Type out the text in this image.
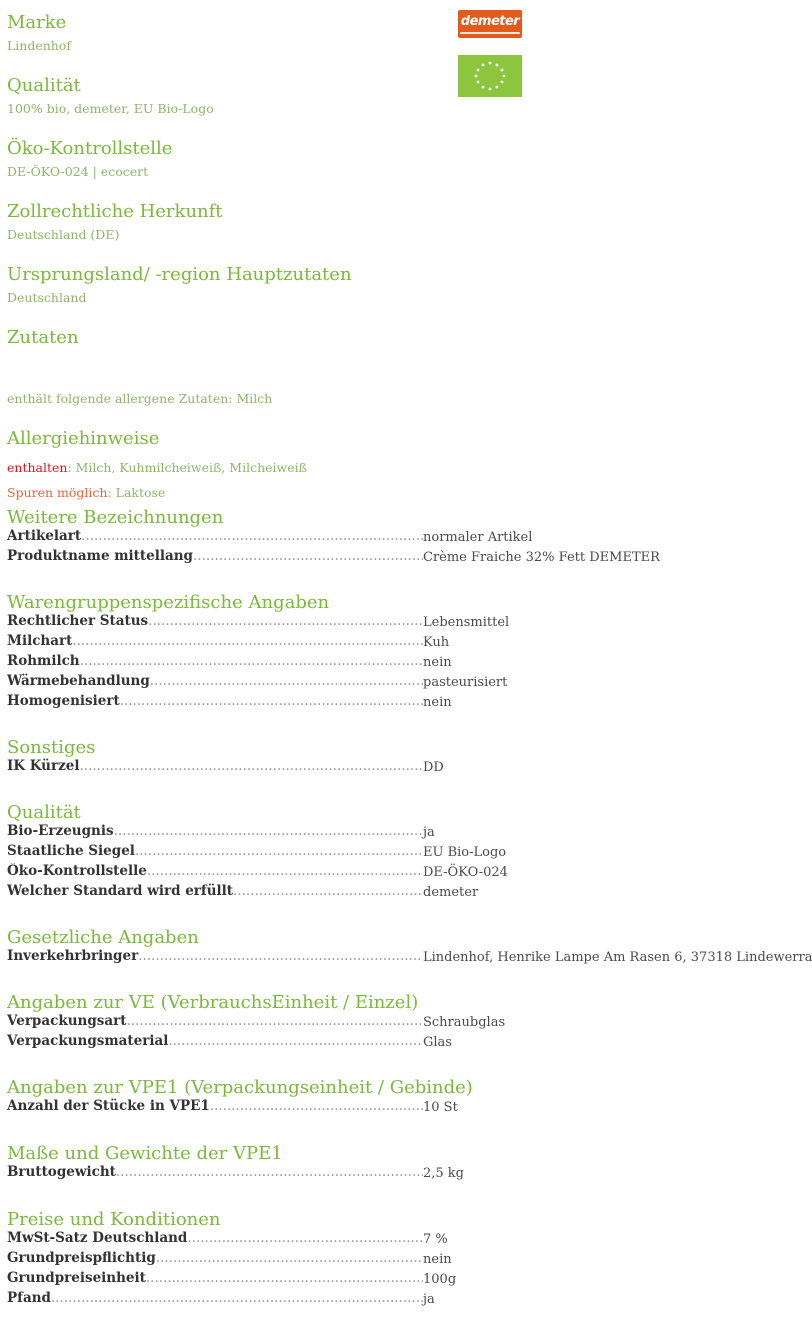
Marke
Lindenhof
Qualität
100% bio, demeter, EU Bio-Logo
Öko-Kontrollstelle
DE-ÖKO-024 | ecocert
Zollrechtliche Herkunft
Deutschland (DE)
Ursprungsland/ -region Hauptzutaten
Deutschland
Zutaten
enthält folgende allergene Zutaten: Milch
demeter
Allergiehinweise
enthalten: Milch, Kuhmilcheiweiß, Milcheiweiß
Spuren möglich: Laktose
Weitere Bezeichnungen
Artikelart .....	normaler Artikel
Produktname mittellang .....	Crème Fraiche 32% Fett DEMETER
Warengruppenspezifische Angaben
Rechtlicher Status .....	Lebensmittel
Milchart .....	Kuh
Rohmilch .....	nein
Wärmebehandlung .....	pasteurisiert
Homogenisiert .....	nein
Sonstiges
IK Kürzel .....	DD
Qualität
Bio-Erzeugnis .....	ja
Staatliche Siegel .....	EU Bio-Logo
Öko-Kontrollstelle .....	DE-ÖKO-024
Welcher Standard wird erfüllt .....	demeter
Gesetzliche Angaben
Inverkehrbringer .....	Lindenhof, Henrike Lampe Am Rasen 6, 37318 Lindewerra
Angaben zur VE (VerbrauchsEinheit / Einzel)
Verpackungsart .....	Schraubglas
Verpackungsmaterial .....	Glas
Angaben zur VPE1 (Verpackungseinheit / Gebinde)
Anzahl der Stücke in VPE1 .....	10 St
Maße und Gewichte der VPE1
Bruttogewicht .....	2,5 kg
Preise und Konditionen
MwSt-Satz Deutschland .....	7 %
Grundpreispflichtig .....	nein
Grundpreiseinheit .....	100g
Pfand .....	ja
